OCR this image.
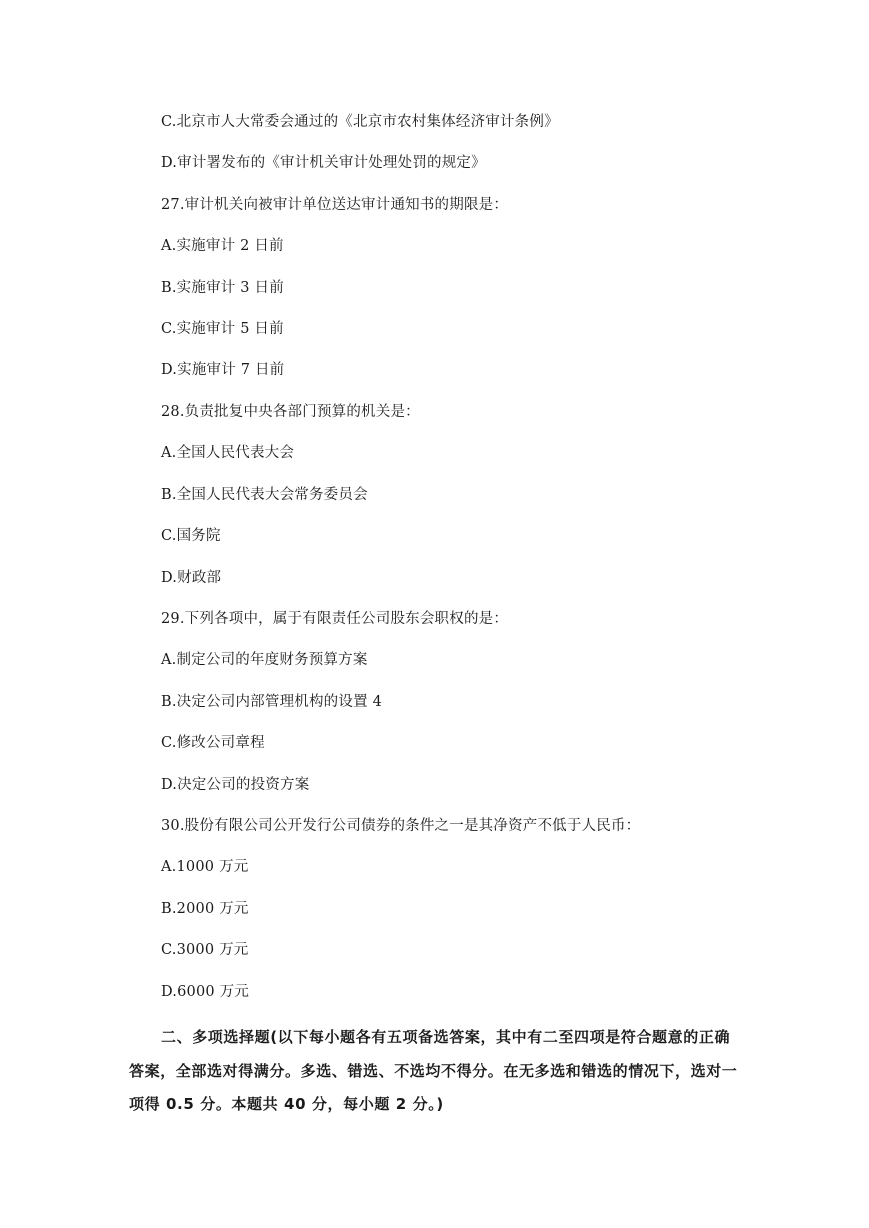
C.北京市人大常委会通过的《北京市农村集体经济审计条例》
D.审计署发布的《审计机关审计处理处罚的规定》
27.审计机关向被审计单位送达审计通知书的期限是：
A.实施审计 2 日前
B.实施审计 3 日前
C.实施审计 5 日前
D.实施审计 7 日前
28.负责批复中央各部门预算的机关是：
A.全国人民代表大会
B.全国人民代表大会常务委员会
C.国务院
D.财政部
29.下列各项中，属于有限责任公司股东会职权的是：
A.制定公司的年度财务预算方案
B.决定公司内部管理机构的设置 4
C.修改公司章程
D.决定公司的投资方案
30.股份有限公司公开发行公司债券的条件之一是其净资产不低于人民币：
A.1000 万元
B.2000 万元
C.3000 万元
D.6000 万元
二、多项选择题(以下每小题各有五项备选答案，其中有二至四项是符合题意的正确答案，全部选对得满分。多选、错选、不选均不得分。在无多选和错选的情况下，选对一项得 0.5 分。本题共 40 分，每小题 2 分。)
